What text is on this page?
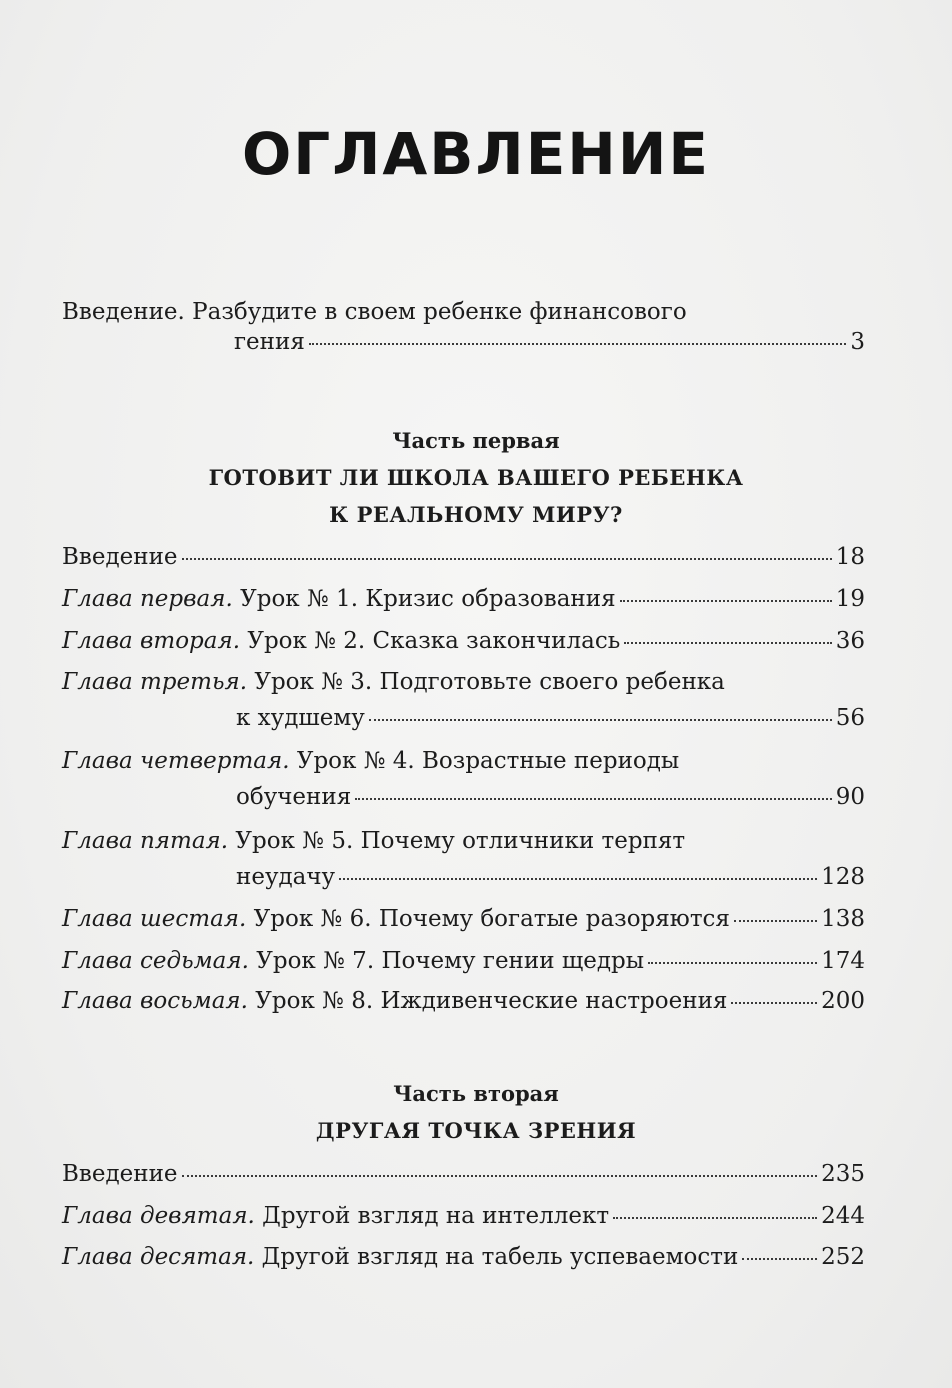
ОГЛАВЛЕНИЕ
Введение. Разбудите в своем ребенке финансового
гения	3
Часть первая
ГОТОВИТ ЛИ ШКОЛА ВАШЕГО РЕБЕНКА
К РЕАЛЬНОМУ МИРУ?
Введение	18
Глава первая. Урок № 1. Кризис образования	19
Глава вторая. Урок № 2. Сказка закончилась	36
Глава третья. Урок № 3. Подготовьте своего ребенка
к худшему	56
Глава четвертая. Урок № 4. Возрастные периоды
обучения	90
Глава пятая. Урок № 5. Почему отличники терпят
неудачу	128
Глава шестая. Урок № 6. Почему богатые разоряются	138
Глава седьмая. Урок № 7. Почему гении щедры	174
Глава восьмая. Урок № 8. Иждивенческие настроения	200
Часть вторая
ДРУГАЯ ТОЧКА ЗРЕНИЯ
Введение	235
Глава девятая. Другой взгляд на интеллект	244
Глава десятая. Другой взгляд на табель успеваемости	252
